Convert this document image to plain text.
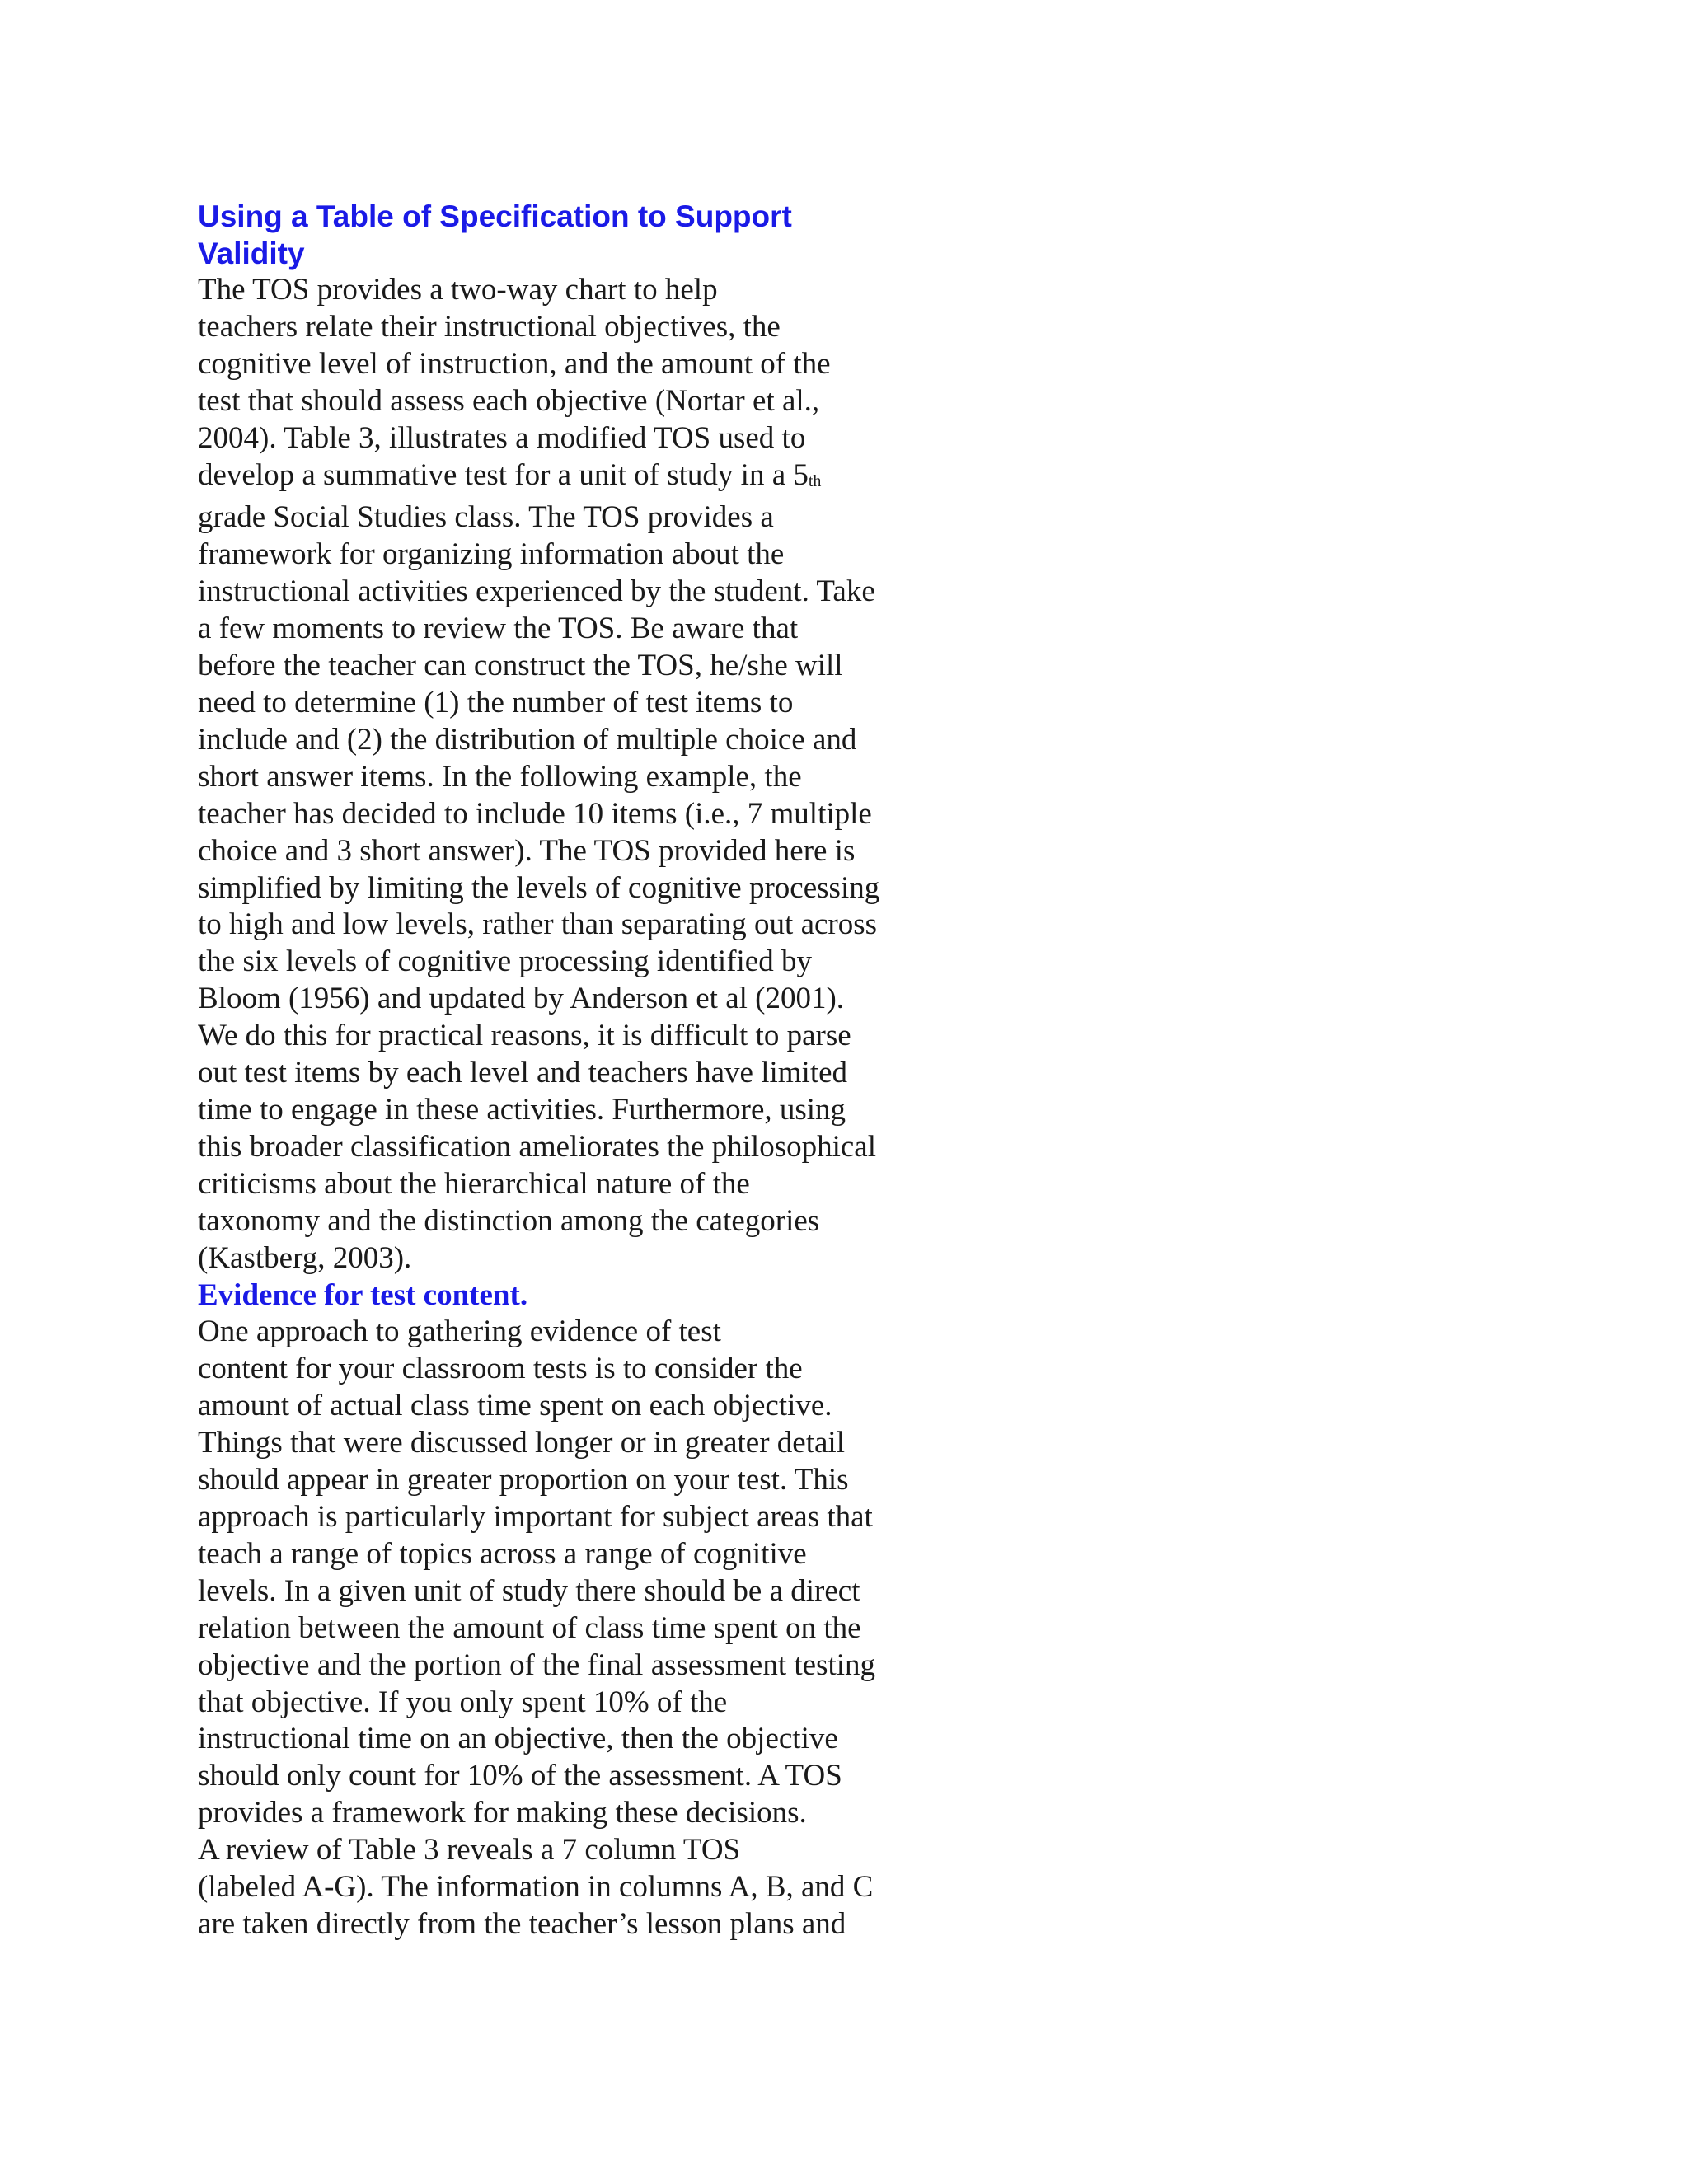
Using a Table of Specification to Support
Validity
The TOS provides a two-way chart to help
teachers relate their instructional objectives, the
cognitive level of instruction, and the amount of the
test that should assess each objective (Nortar et al.,
2004). Table 3, illustrates a modified TOS used to
develop a summative test for a unit of study in a 5th
grade Social Studies class. The TOS provides a
framework for organizing information about the
instructional activities experienced by the student. Take
a few moments to review the TOS. Be aware that
before the teacher can construct the TOS, he/she will
need to determine (1) the number of test items to
include and (2) the distribution of multiple choice and
short answer items. In the following example, the
teacher has decided to include 10 items (i.e., 7 multiple
choice and 3 short answer). The TOS provided here is
simplified by limiting the levels of cognitive processing
to high and low levels, rather than separating out across
the six levels of cognitive processing identified by
Bloom (1956) and updated by Anderson et al (2001).
We do this for practical reasons, it is difficult to parse
out test items by each level and teachers have limited
time to engage in these activities. Furthermore, using
this broader classification ameliorates the philosophical
criticisms about the hierarchical nature of the
taxonomy and the distinction among the categories
(Kastberg, 2003).
Evidence for test content.
One approach to gathering evidence of test
content for your classroom tests is to consider the
amount of actual class time spent on each objective.
Things that were discussed longer or in greater detail
should appear in greater proportion on your test. This
approach is particularly important for subject areas that
teach a range of topics across a range of cognitive
levels. In a given unit of study there should be a direct
relation between the amount of class time spent on the
objective and the portion of the final assessment testing
that objective. If you only spent 10% of the
instructional time on an objective, then the objective
should only count for 10% of the assessment. A TOS
provides a framework for making these decisions.
A review of Table 3 reveals a 7 column TOS
(labeled A-G). The information in columns A, B, and C
are taken directly from the teacher’s lesson plans and
